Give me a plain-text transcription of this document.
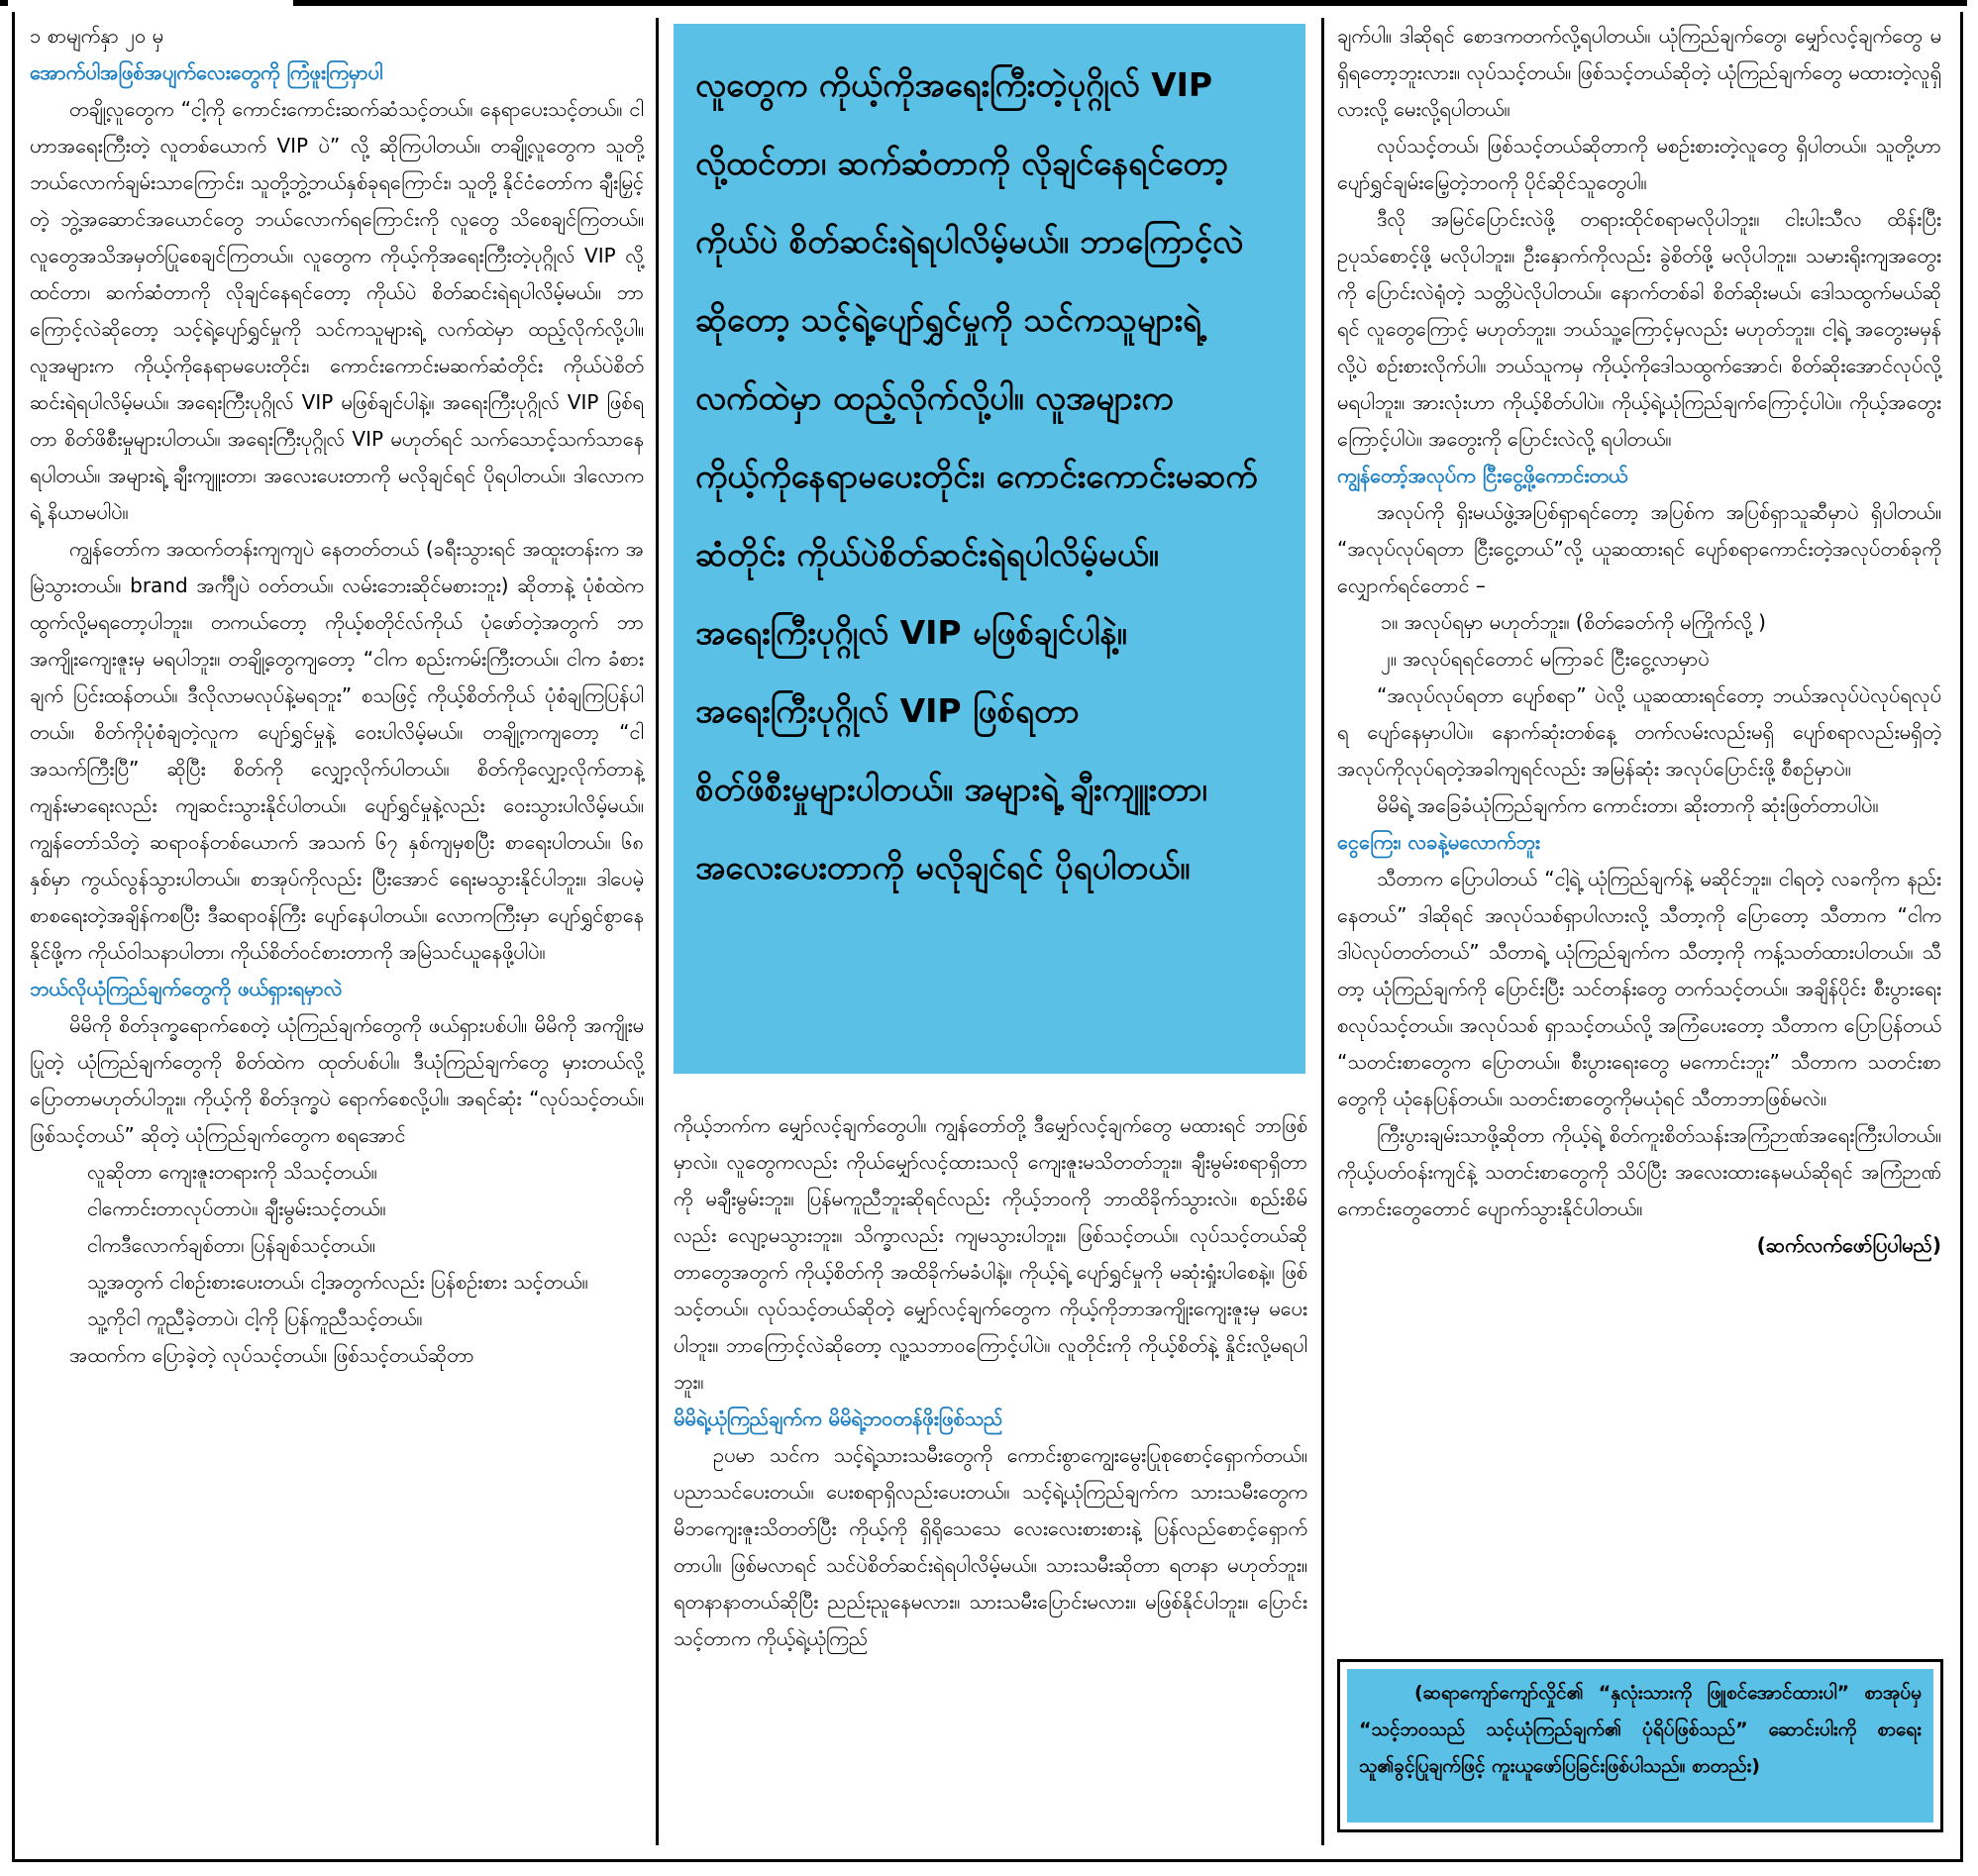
၁ စာမျက်နှာ ၂၀ မှ

အောက်ပါအဖြစ်အပျက်လေးတွေကို ကြံဖူးကြမှာပါ

တချို့လူတွေက “ငါ့ကို ကောင်းကောင်းဆက်ဆံသင့်တယ်။ နေရာပေးသင့်တယ်။ ငါဟာအရေးကြီးတဲ့ လူတစ်ယောက် VIP ပဲ” လို့ ဆိုကြပါတယ်။ တချို့လူတွေက သူတို့ဘယ်လောက်ချမ်းသာကြောင်း၊ သူတို့ဘွဲ့ဘယ်နှစ်ခုရကြောင်း၊ သူတို့ နိုင်ငံတော်က ချီးမြှင့်တဲ့ ဘွဲ့အဆောင်အယောင်တွေ ဘယ်လောက်ရကြောင်းကို လူတွေ သိစေချင်ကြတယ်။ လူတွေအသိအမှတ်ပြုစေချင်ကြတယ်။ လူတွေက ကိုယ့်ကိုအရေးကြီးတဲ့ပုဂ္ဂိုလ် VIP လို့ထင်တာ၊ ဆက်ဆံတာကို လိုချင်နေရင်တော့ ကိုယ်ပဲ စိတ်ဆင်းရဲရပါလိမ့်မယ်။ ဘာကြောင့်လဲဆိုတော့ သင့်ရဲ့ပျော်ရွှင်မှုကို သင်ကသူများရဲ့ လက်ထဲမှာ ထည့်လိုက်လို့ပါ။ လူအများက ကိုယ့်ကိုနေရာမပေးတိုင်း၊ ကောင်းကောင်းမဆက်ဆံတိုင်း ကိုယ်ပဲစိတ်ဆင်းရဲရပါလိမ့်မယ်။ အရေးကြီးပုဂ္ဂိုလ် VIP မဖြစ်ချင်ပါနဲ့။ အရေးကြီးပုဂ္ဂိုလ် VIP ဖြစ်ရတာ စိတ်ဖိစီးမှုများပါတယ်။ အရေးကြီးပုဂ္ဂိုလ် VIP မဟုတ်ရင် သက်သောင့်သက်သာနေရပါတယ်။ အများရဲ့ ချီးကျူးတာ၊ အလေးပေးတာကို မလိုချင်ရင် ပိုရပါတယ်။ ဒါလောကရဲ့ နိယာမပါပဲ။

ကျွန်တော်က အထက်တန်းကျကျပဲ နေတတ်တယ် (ခရီးသွားရင် အထူးတန်းက အမြဲသွားတယ်။ brand အင်္ကျီပဲ ဝတ်တယ်။ လမ်းဘေးဆိုင်မစားဘူး) ဆိုတာနဲ့ ပုံစံထဲက ထွက်လို့မရတော့ပါဘူး။ တကယ်တော့ ကိုယ့်စတိုင်လ်ကိုယ် ပုံဖော်တဲ့အတွက် ဘာအကျိုးကျေးဇူးမှ မရပါဘူး။ တချို့တွေကျတော့ “ငါက စည်းကမ်းကြီးတယ်။ ငါက ခံစားချက် ပြင်းထန်တယ်။ ဒီလိုလာမလုပ်နဲ့မရဘူး” စသဖြင့် ကိုယ့်စိတ်ကိုယ် ပုံစံချကြပြန်ပါတယ်။ စိတ်ကိုပုံစံချတဲ့လူက ပျော်ရွှင်မှုနဲ့ ဝေးပါလိမ့်မယ်။ တချို့ကကျတော့ “ငါအသက်ကြီးပြီ” ဆိုပြီး စိတ်ကို လျှော့လိုက်ပါတယ်။ စိတ်ကိုလျှော့လိုက်တာနဲ့ ကျန်းမာရေးလည်း ကျဆင်းသွားနိုင်ပါတယ်။ ပျော်ရွှင်မှုနဲ့လည်း ဝေးသွားပါလိမ့်မယ်။ ကျွန်တော်သိတဲ့ ဆရာဝန်တစ်ယောက် အသက် ၆၇ နှစ်ကျမှစပြီး စာရေးပါတယ်။ ၆၈ နှစ်မှာ ကွယ်လွန်သွားပါတယ်။ စာအုပ်ကိုလည်း ပြီးအောင် ရေးမသွားနိုင်ပါဘူး။ ဒါပေမဲ့ စာစရေးတဲ့အချိန်ကစပြီး ဒီဆရာဝန်ကြီး ပျော်နေပါတယ်။ လောကကြီးမှာ ပျော်ရွှင်စွာနေနိုင်ဖို့က ကိုယ်ဝါသနာပါတာ၊ ကိုယ်စိတ်ဝင်စားတာကို အမြဲသင်ယူနေဖို့ပါပဲ။

ဘယ်လိုယုံကြည်ချက်တွေကို ဖယ်ရှားရမှာလဲ

မိမိကို စိတ်ဒုက္ခရောက်စေတဲ့ ယုံကြည်ချက်တွေကို ဖယ်ရှားပစ်ပါ။ မိမိကို အကျိုးမပြုတဲ့ ယုံကြည်ချက်တွေကို စိတ်ထဲက ထုတ်ပစ်ပါ။ ဒီယုံကြည်ချက်တွေ မှားတယ်လို့ ပြောတာမဟုတ်ပါဘူး။ ကိုယ့်ကို စိတ်ဒုက္ခပဲ ရောက်စေလို့ပါ။ အရင်ဆုံး “လုပ်သင့်တယ်။ ဖြစ်သင့်တယ်” ဆိုတဲ့ ယုံကြည်ချက်တွေက စရအောင်

လူဆိုတာ ကျေးဇူးတရားကို သိသင့်တယ်။

ငါကောင်းတာလုပ်တာပဲ။ ချီးမွမ်းသင့်တယ်။

ငါကဒီလောက်ချစ်တာ၊ ပြန်ချစ်သင့်တယ်။

သူ့အတွက် ငါစဉ်းစားပေးတယ်၊ ငါ့အတွက်လည်း ပြန်စဉ်းစား သင့်တယ်။

သူ့ကိုငါ ကူညီခဲ့တာပဲ၊ ငါ့ကို ပြန်ကူညီသင့်တယ်။

အထက်က ပြောခဲ့တဲ့ လုပ်သင့်တယ်။ ဖြစ်သင့်တယ်ဆိုတာ

လူတွေက ကိုယ့်ကိုအရေးကြီးတဲ့ပုဂ္ဂိုလ် VIP

လို့ထင်တာ၊ ဆက်ဆံတာကို လိုချင်နေရင်တော့

ကိုယ်ပဲ စိတ်ဆင်းရဲရပါလိမ့်မယ်။ ဘာကြောင့်လဲ

ဆိုတော့ သင့်ရဲ့ပျော်ရွှင်မှုကို သင်ကသူများရဲ့

လက်ထဲမှာ ထည့်လိုက်လို့ပါ။ လူအများက

ကိုယ့်ကိုနေရာမပေးတိုင်း၊ ကောင်းကောင်းမဆက်

ဆံတိုင်း ကိုယ်ပဲစိတ်ဆင်းရဲရပါလိမ့်မယ်။

အရေးကြီးပုဂ္ဂိုလ် VIP မဖြစ်ချင်ပါနဲ့။

အရေးကြီးပုဂ္ဂိုလ် VIP ဖြစ်ရတာ

စိတ်ဖိစီးမှုများပါတယ်။ အများရဲ့ ချီးကျူးတာ၊

အလေးပေးတာကို မလိုချင်ရင် ပိုရပါတယ်။

ကိုယ့်ဘက်က မျှော်လင့်ချက်တွေပါ။ ကျွန်တော်တို့ ဒီမျှော်လင့်ချက်တွေ မထားရင် ဘာဖြစ်မှာလဲ။ လူတွေကလည်း ကိုယ်မျှော်လင့်ထားသလို ကျေးဇူးမသိတတ်ဘူး။ ချီးမွမ်းစရာရှိတာကို မချီးမွမ်းဘူး။ ပြန်မကူညီဘူးဆိုရင်လည်း ကိုယ့်ဘဝကို ဘာထိခိုက်သွားလဲ။ စည်းစိမ်လည်း လျော့မသွားဘူး။ သိက္ခာလည်း ကျမသွားပါဘူး။ ဖြစ်သင့်တယ်။ လုပ်သင့်တယ်ဆိုတာတွေအတွက် ကိုယ့်စိတ်ကို အထိခိုက်မခံပါနဲ့။ ကိုယ့်ရဲ့ ပျော်ရွှင်မှုကို မဆုံးရှုံးပါစေနဲ့။ ဖြစ်သင့်တယ်။ လုပ်သင့်တယ်ဆိုတဲ့ မျှော်လင့်ချက်တွေက ကိုယ့်ကိုဘာအကျိုးကျေးဇူးမှ မပေးပါဘူး။ ဘာကြောင့်လဲဆိုတော့ လူ့သဘာဝကြောင့်ပါပဲ။ လူတိုင်းကို ကိုယ့်စိတ်နဲ့ နှိုင်းလို့မရပါဘူး။

မိမိရဲ့ယုံကြည်ချက်က မိမိရဲ့ဘဝတန်ဖိုးဖြစ်သည်

ဥပမာ သင်က သင့်ရဲ့သားသမီးတွေကို ကောင်းစွာကျွေးမွေးပြုစုစောင့်ရှောက်တယ်။ ပညာသင်ပေးတယ်။ ပေးစရာရှိလည်းပေးတယ်။ သင့်ရဲ့ယုံကြည်ချက်က သားသမီးတွေက မိဘကျေးဇူးသိတတ်ပြီး ကိုယ့်ကို ရှိရိုသေသေ လေးလေးစားစားနဲ့ ပြန်လည်စောင့်ရှောက်တာပါ။ ဖြစ်မလာရင် သင်ပဲစိတ်ဆင်းရဲရပါလိမ့်မယ်။ သားသမီးဆိုတာ ရတနာ မဟုတ်ဘူး။ ရတနာနာတယ်ဆိုပြီး ညည်းညူနေမလား။ သားသမီးပြောင်းမလား။ မဖြစ်နိုင်ပါဘူး။ ပြောင်းသင့်တာက ကိုယ့်ရဲ့ယုံကြည်

ချက်ပါ။ ဒါဆိုရင် စောဒကတက်လို့ရပါတယ်။ ယုံကြည်ချက်တွေ၊ မျှော်လင့်ချက်တွေ မရှိရတော့ဘူးလား။ လုပ်သင့်တယ်။ ဖြစ်သင့်တယ်ဆိုတဲ့ ယုံကြည်ချက်တွေ မထားတဲ့လူရှိလားလို့ မေးလို့ရပါတယ်။

လုပ်သင့်တယ်၊ ဖြစ်သင့်တယ်ဆိုတာကို မစဉ်းစားတဲ့လူတွေ ရှိပါတယ်။ သူတို့ဟာ ပျော်ရွှင်ချမ်းမြေ့တဲ့ဘဝကို ပိုင်ဆိုင်သူတွေပါ။

ဒီလို အမြင်ပြောင်းလဲဖို့ တရားထိုင်စရာမလိုပါဘူး။ ငါးပါးသီလ ထိန်းပြီး ဥပုသ်စောင့်ဖို့ မလိုပါဘူး။ ဦးနှောက်ကိုလည်း ခွဲစိတ်ဖို့ မလိုပါဘူး။ သမားရိုးကျအတွေးကို ပြောင်းလဲရုံတဲ့ သတ္တိပဲလိုပါတယ်။ နောက်တစ်ခါ စိတ်ဆိုးမယ်၊ ဒေါသထွက်မယ်ဆိုရင် လူတွေကြောင့် မဟုတ်ဘူး။ ဘယ်သူ့ကြောင့်မှလည်း မဟုတ်ဘူး။ ငါ့ရဲ့ အတွေးမမှန်လို့ပဲ စဉ်းစားလိုက်ပါ။ ဘယ်သူကမှ ကိုယ့်ကိုဒေါသထွက်အောင်၊ စိတ်ဆိုးအောင်လုပ်လို့မရပါဘူး။ အားလုံးဟာ ကိုယ့်စိတ်ပါပဲ။ ကိုယ့်ရဲ့ယုံကြည်ချက်ကြောင့်ပါပဲ။ ကိုယ့်အတွေးကြောင့်ပါပဲ။ အတွေးကို ပြောင်းလဲလို့ ရပါတယ်။

ကျွန်တော့်အလုပ်က ငြီးငွေ့ဖို့ကောင်းတယ်

အလုပ်ကို ရှိးမယ်ဖွဲ့အပြစ်ရှာရင်တော့ အပြစ်က အပြစ်ရှာသူဆီမှာပဲ ရှိပါတယ်။ “အလုပ်လုပ်ရတာ ငြီးငွေ့တယ်”လို့ ယူဆထားရင် ပျော်စရာကောင်းတဲ့အလုပ်တစ်ခုကို လျှောက်ရင်တောင် –

၁။ အလုပ်ရမှာ မဟုတ်ဘူး။ (စိတ်ခေတ်ကို မကြိုက်လို့ )

၂။ အလုပ်ရရင်တောင် မကြာခင် ငြီးငွေ့လာမှာပဲ

“အလုပ်လုပ်ရတာ ပျော်စရာ” ပဲလို့ ယူဆထားရင်တော့ ဘယ်အလုပ်ပဲလုပ်ရလုပ်ရ ပျော်နေမှာပါပဲ။ နောက်ဆုံးတစ်နေ့ တက်လမ်းလည်းမရှိ ပျော်စရာလည်းမရှိတဲ့ အလုပ်ကိုလုပ်ရတဲ့အခါကျရင်လည်း အမြန်ဆုံး အလုပ်ပြောင်းဖို့ စီစဉ်မှာပဲ။

မိမိရဲ့ အခြေခံယုံကြည်ချက်က ကောင်းတာ၊ ဆိုးတာကို ဆုံးဖြတ်တာပါပဲ။

ငွေကြေး၊ လခနဲ့မလောက်ဘူး

သီတာက ပြောပါတယ် “ငါ့ရဲ့ ယုံကြည်ချက်နဲ့ မဆိုင်ဘူး။ ငါရတဲ့ လခကိုက နည်းနေတယ်” ဒါဆိုရင် အလုပ်သစ်ရှာပါလားလို့ သီတာ့ကို ပြောတော့ သီတာက “ငါက ဒါပဲလုပ်တတ်တယ်” သီတာရဲ့ ယုံကြည်ချက်က သီတာ့ကို ကန့်သတ်ထားပါတယ်။ သီတာ့ ယုံကြည်ချက်ကို ပြောင်းပြီး သင်တန်းတွေ တက်သင့်တယ်။ အချိန်ပိုင်း စီးပွားရေးစလုပ်သင့်တယ်။ အလုပ်သစ် ရှာသင့်တယ်လို့ အကြံပေးတော့ သီတာက ပြောပြန်တယ် “သတင်းစာတွေက ပြောတယ်။ စီးပွားရေးတွေ မကောင်းဘူး” သီတာက သတင်းစာတွေကို ယုံနေပြန်တယ်။ သတင်းစာတွေကိုမယုံရင် သီတာဘာဖြစ်မလဲ။

ကြီးပွားချမ်းသာဖို့ဆိုတာ ကိုယ့်ရဲ့ စိတ်ကူးစိတ်သန်းအကြံဉာဏ်အရေးကြီးပါတယ်။ ကိုယ့်ပတ်ဝန်းကျင်နဲ့ သတင်းစာတွေကို သိပ်ပြီး အလေးထားနေမယ်ဆိုရင် အကြံဉာဏ်ကောင်းတွေတောင် ပျောက်သွားနိုင်ပါတယ်။

(ဆက်လက်ဖော်ပြပါမည်)

(ဆရာကျော်ကျော်လှိုင်၏ “နှလုံးသားကို ဖြူစင်အောင်ထားပါ” စာအုပ်မှ “သင့်ဘဝသည် သင့်ယုံကြည်ချက်၏ ပုံရိပ်ဖြစ်သည်” ဆောင်းပါးကို စာရေးသူ၏ခွင့်ပြုချက်ဖြင့် ကူးယူဖော်ပြခြင်းဖြစ်ပါသည်။ စာတည်း)
